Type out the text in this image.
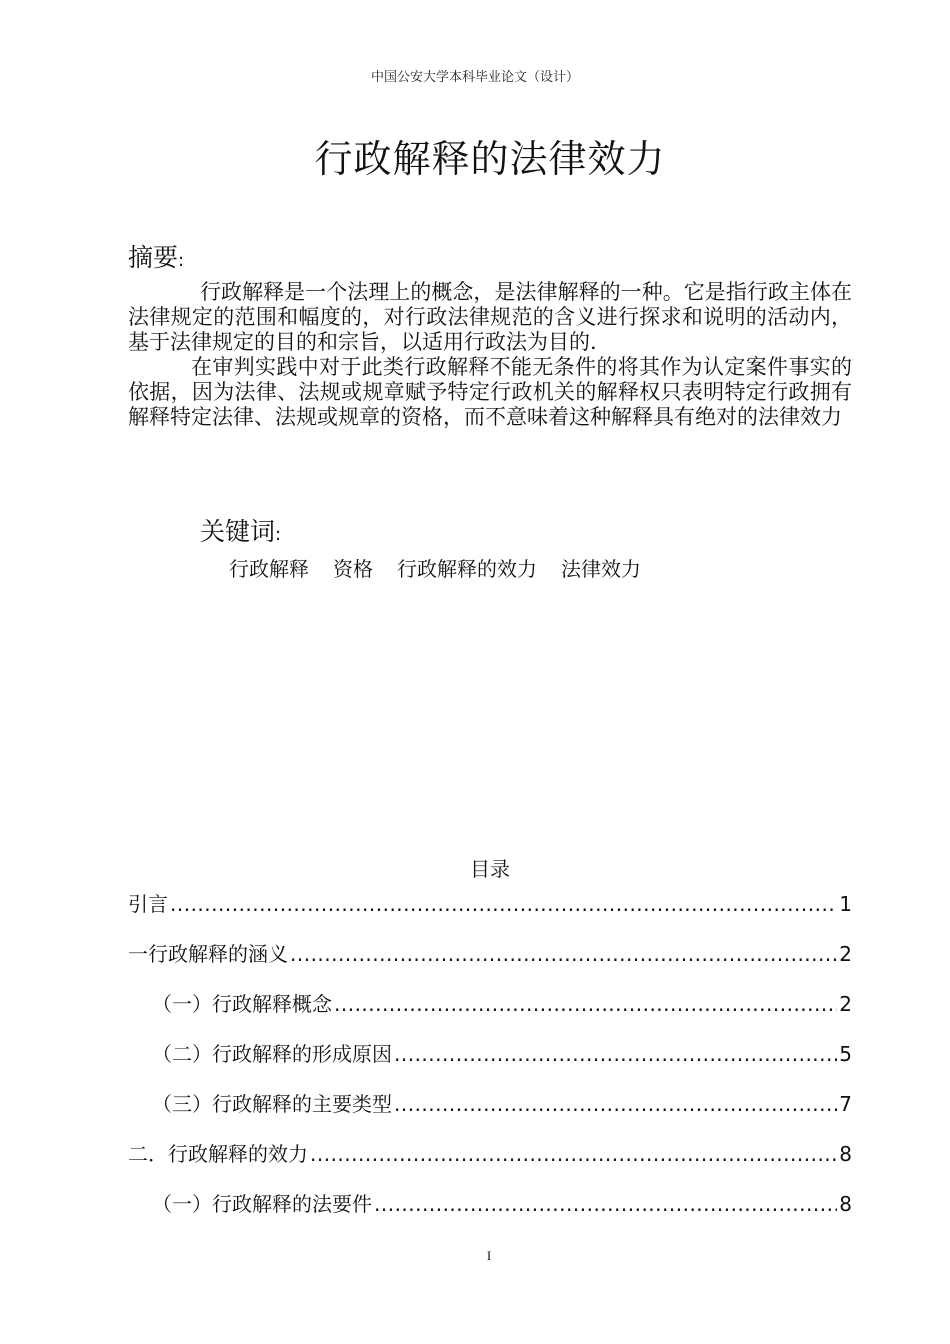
中国公安大学本科毕业论文（设计）
行政解释的法律效力
摘要:

行政解释是一个法理上的概念，是法律解释的一种。它是指行政主体在法律规定的范围和幅度的，对行政法律规范的含义进行探求和说明的活动内，基于法律规定的目的和宗旨，以适用行政法为目的.

在审判实践中对于此类行政解释不能无条件的将其作为认定案件事实的依据，因为法律、法规或规章赋予特定行政机关的解释权只表明特定行政拥有解释特定法律、法规或规章的资格，而不意味着这种解释具有绝对的法律效力

关键词:
行政解释 资格 行政解释的效力 法律效力
目录
引言 .....	1
一行政解释的涵义 .....	2
（一）行政解释概念 .....	2
（二）行政解释的形成原因 .....	5
（三）行政解释的主要类型 .....	7
二．行政解释的效力 .....	8
（一）行政解释的法要件 .....	8
I
